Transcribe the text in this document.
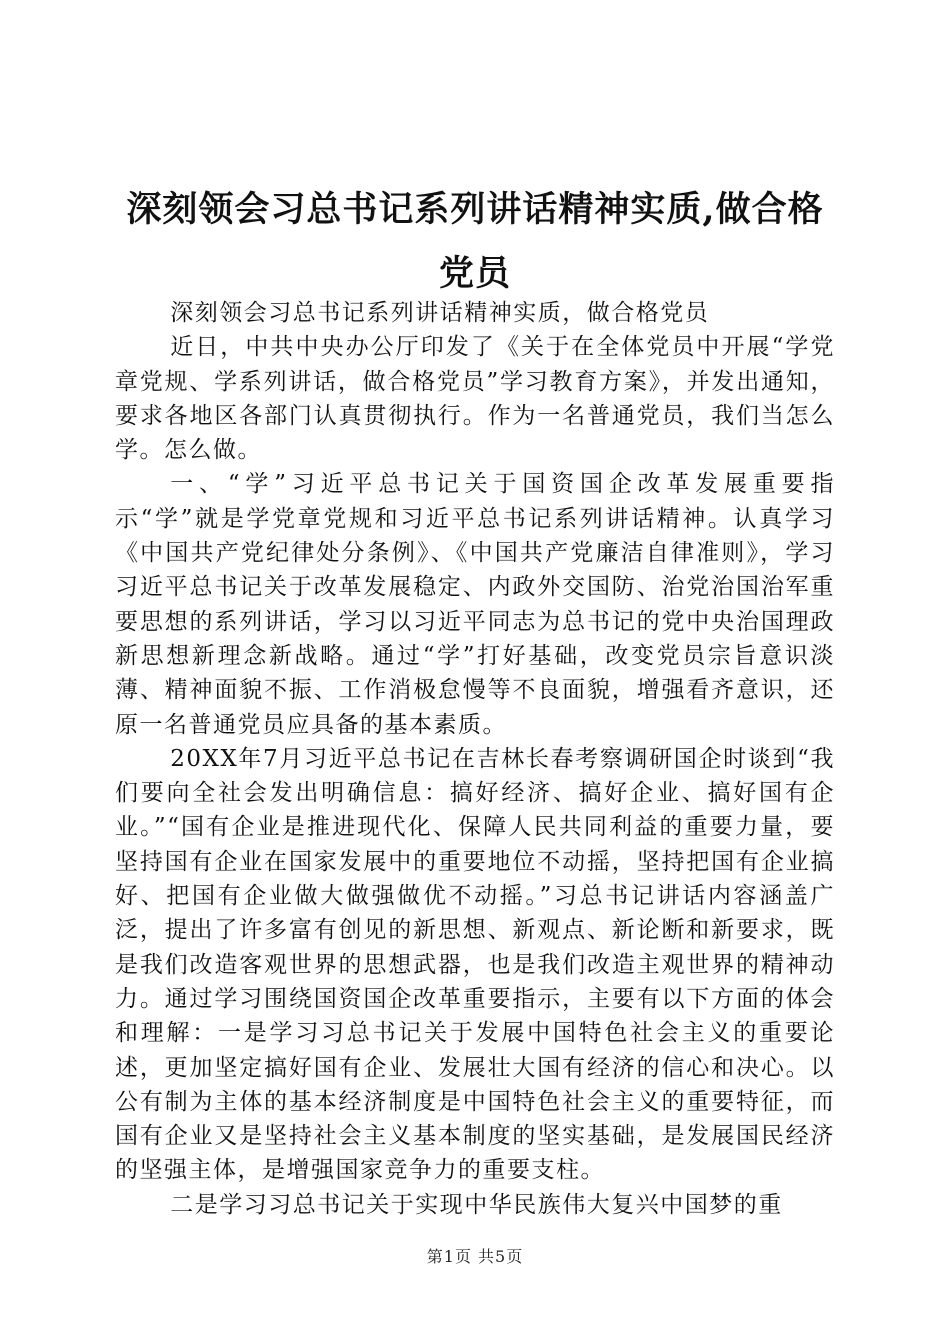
深刻领会习总书记系列讲话精神实质,做合格党员

深刻领会习总书记系列讲话精神实质，做合格党员

近日，中共中央办公厅印发了《关于在全体党员中开展“学党章党规、学系列讲话，做合格党员”学习教育方案》，并发出通知，要求各地区各部门认真贯彻执行。作为一名普通党员，我们当怎么学。怎么做。

一、“学”习近平总书记关于国资国企改革发展重要指示“学”就是学党章党规和习近平总书记系列讲话精神。认真学习《中国共产党纪律处分条例》、《中国共产党廉洁自律准则》，学习习近平总书记关于改革发展稳定、内政外交国防、治党治国治军重要思想的系列讲话，学习以习近平同志为总书记的党中央治国理政新思想新理念新战略。通过“学”打好基础，改变党员宗旨意识淡薄、精神面貌不振、工作消极怠慢等不良面貌，增强看齐意识，还原一名普通党员应具备的基本素质。

20XX年7月习近平总书记在吉林长春考察调研国企时谈到“我们要向全社会发出明确信息：搞好经济、搞好企业、搞好国有企业。”“国有企业是推进现代化、保障人民共同利益的重要力量，要坚持国有企业在国家发展中的重要地位不动摇，坚持把国有企业搞好、把国有企业做大做强做优不动摇。”习总书记讲话内容涵盖广泛，提出了许多富有创见的新思想、新观点、新论断和新要求，既是我们改造客观世界的思想武器，也是我们改造主观世界的精神动力。通过学习围绕国资国企改革重要指示，主要有以下方面的体会和理解：一是学习习总书记关于发展中国特色社会主义的重要论述，更加坚定搞好国有企业、发展壮大国有经济的信心和决心。以公有制为主体的基本经济制度是中国特色社会主义的重要特征，而国有企业又是坚持社会主义基本制度的坚实基础，是发展国民经济的坚强主体，是增强国家竞争力的重要支柱。

二是学习习总书记关于实现中华民族伟大复兴中国梦的重

第1页 共5页
